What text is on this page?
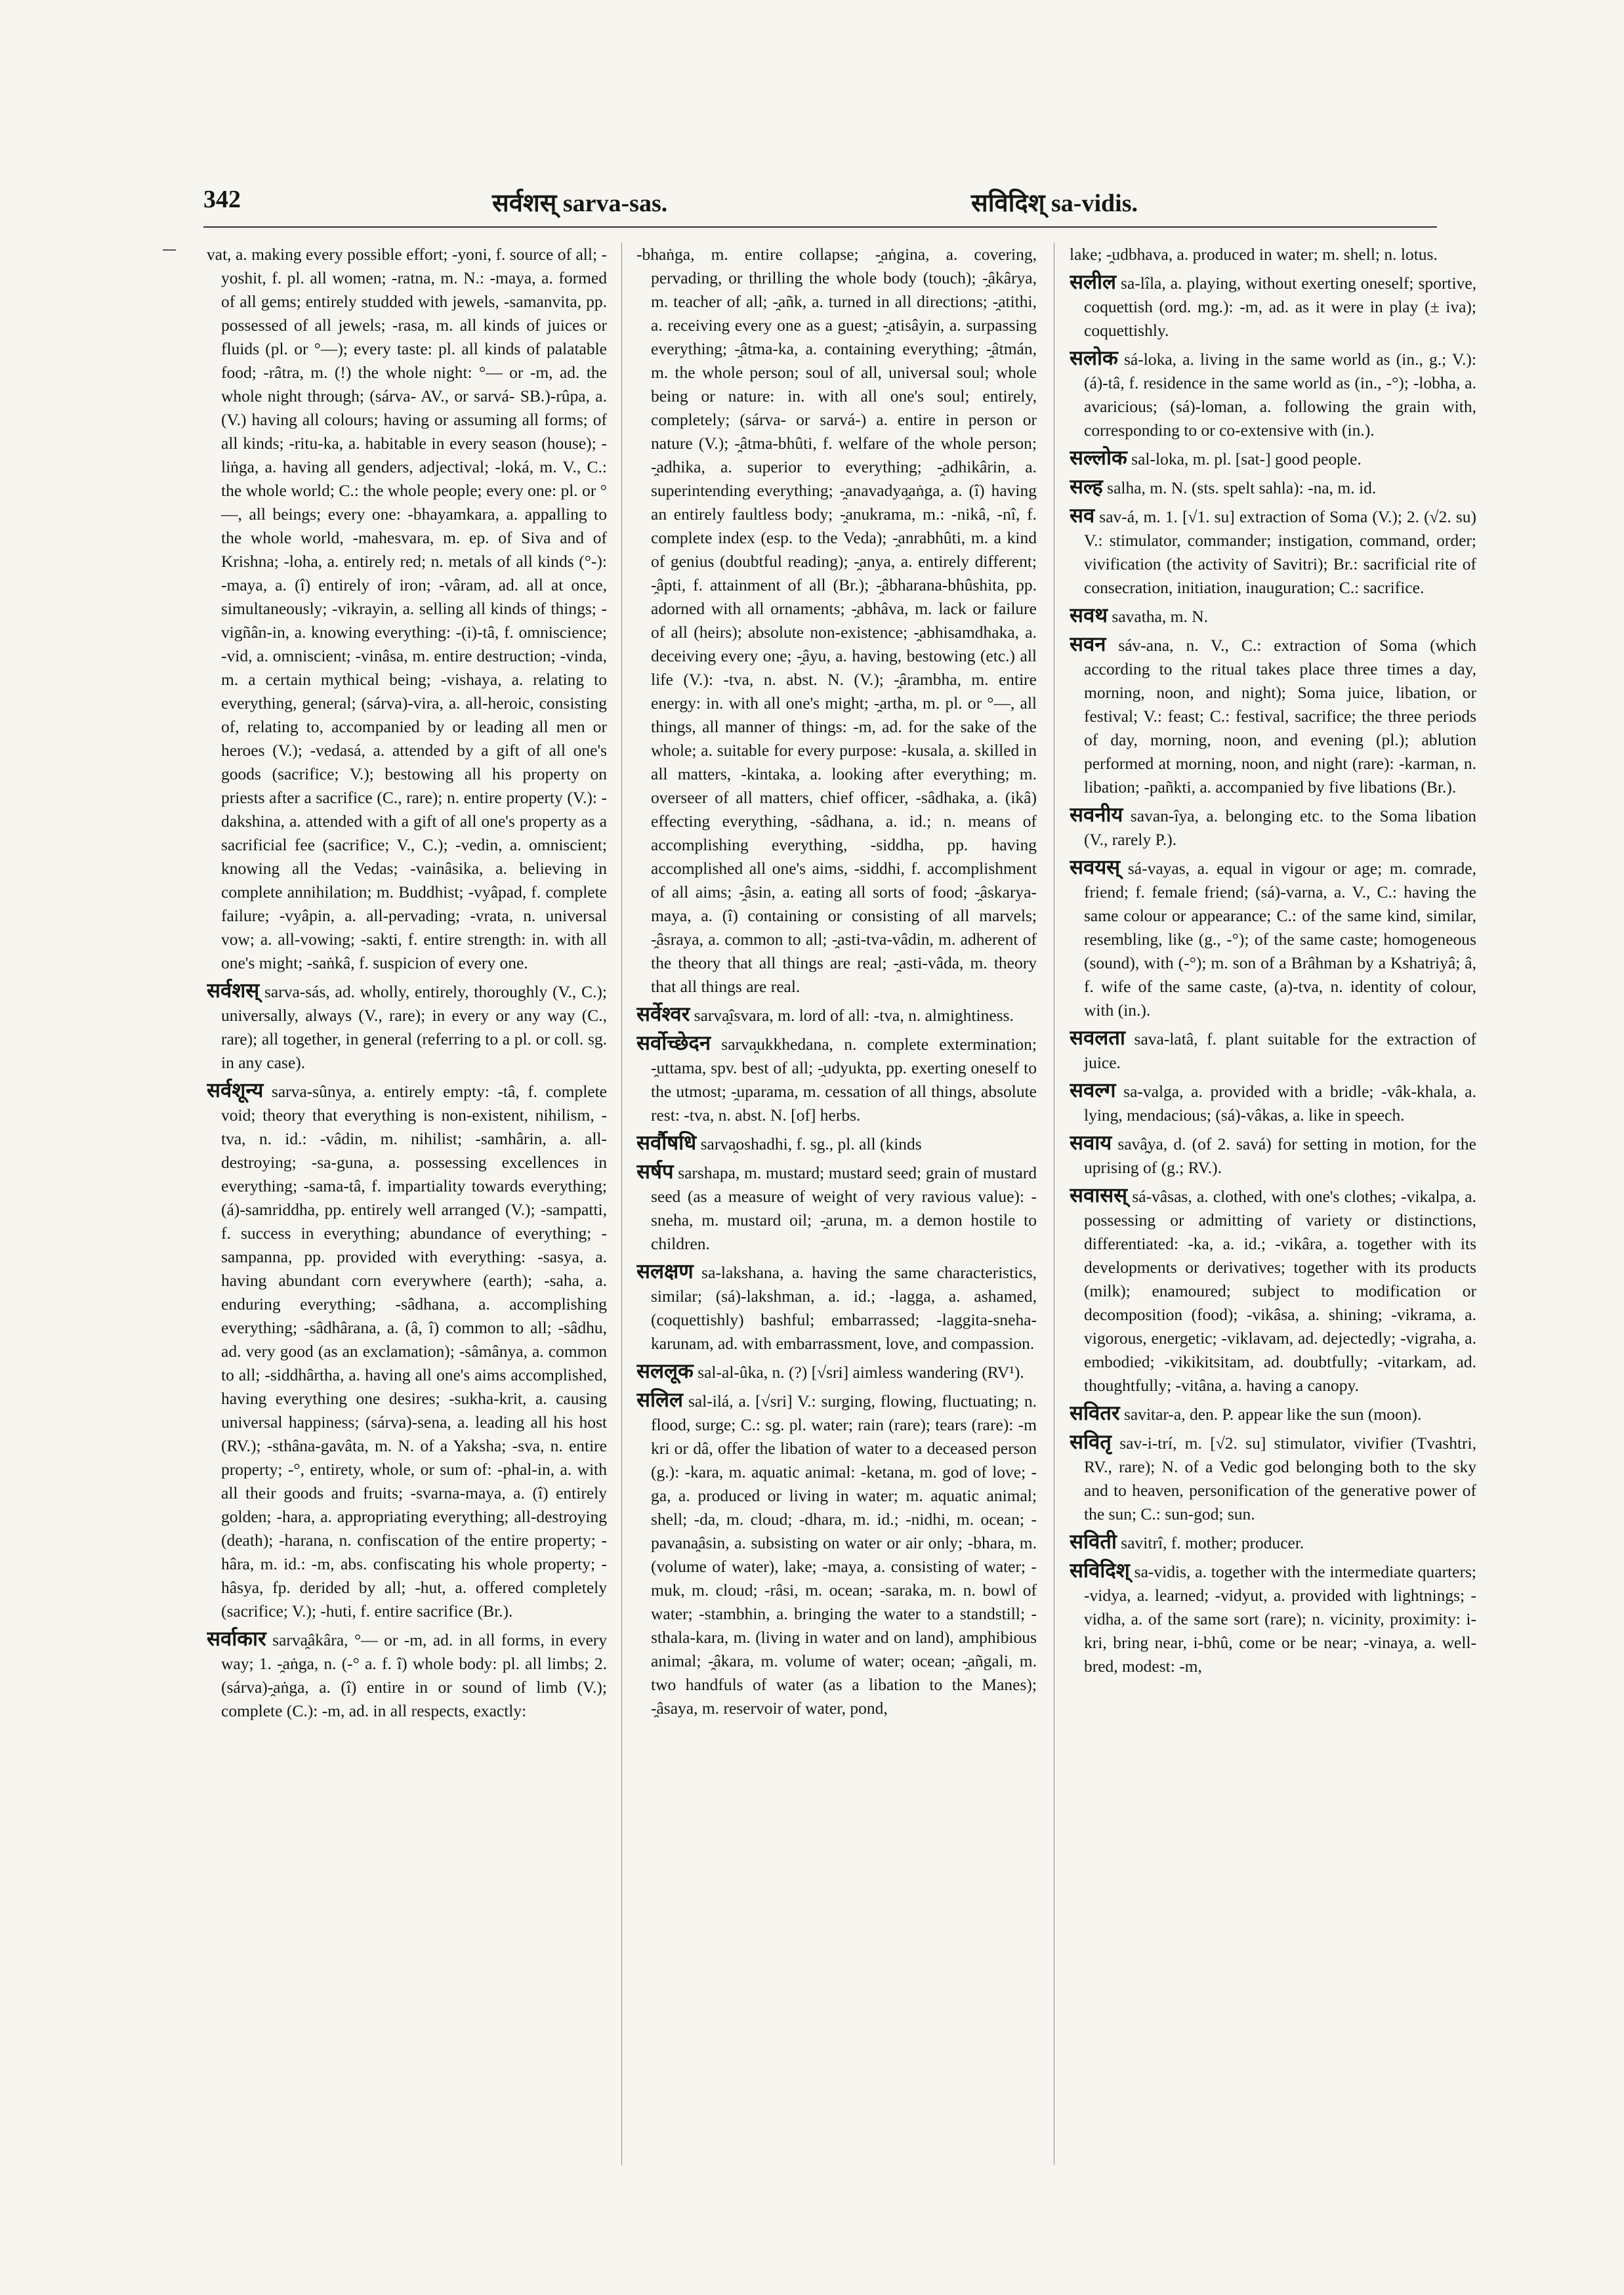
342	सर्वशस् sarva-sas.	सविदिश् sa-vidis.

vat, a. making every possible effort; -yoni, f. source of all; -yoshit, f. pl. all women; -ratna, m. N.: -maya, a. formed of all gems; entirely studded with jewels, -samanvita, pp. possessed of all jewels; -rasa, m. all kinds of juices or fluids (pl. or °—); every taste: pl. all kinds of palatable food; -râtra, m. (!) the whole night: °— or -m, ad. the whole night through; (sárva- AV., or sarvá- SB.)-rûpa, a. (V.) having all colours; having or assuming all forms; of all kinds; -ritu-ka, a. habitable in every season (house); -liṅga, a. having all genders, adjectival; -loká, m. V., C.: the whole world; C.: the whole people; every one: pl. or °—, all beings; every one: -bhayamkara, a. appalling to the whole world, -mahesvara, m. ep. of Siva and of Krishna; -loha, a. entirely red; n. metals of all kinds (°-): -maya, a. (î) entirely of iron; -vâram, ad. all at once, simultaneously; -vikrayin, a. selling all kinds of things; -vigñân-in, a. knowing everything: -(i)-tâ, f. omniscience; -vid, a. omniscient; -vinâsa, m. entire destruction; -vinda, m. a certain mythical being; -vishaya, a. relating to everything, general; (sárva)-vira, a. all-heroic, consisting of, relating to, accompanied by or leading all men or heroes (V.); -vedasá, a. attended by a gift of all one's goods (sacrifice; V.); bestowing all his property on priests after a sacrifice (C., rare); n. entire property (V.): -dakshina, a. attended with a gift of all one's property as a sacrificial fee (sacrifice; V., C.); -vedin, a. omniscient; knowing all the Vedas; -vainâsika, a. believing in complete annihilation; m. Buddhist; -vyâpad, f. complete failure; -vyâpin, a. all-pervading; -vrata, n. universal vow; a. all-vowing; -sakti, f. entire strength: in. with all one's might; -saṅkâ, f. suspicion of every one.

सर्वशस् sarva-sás, ad. wholly, entirely, thoroughly (V., C.); universally, always (V., rare); in every or any way (C., rare); all together, in general (referring to a pl. or coll. sg. in any case).

सर्वशून्य sarva-sûnya, a. entirely empty: -tâ, f. complete void; theory that everything is non-existent, nihilism, -tva, n. id.: -vâdin, m. nihilist; -samhârin, a. all-destroying; -sa-guna, a. possessing excellences in everything; -sama-tâ, f. impartiality towards everything; (á)-samriddha, pp. entirely well arranged (V.); -sampatti, f. success in everything; abundance of everything; -sampanna, pp. provided with everything: -sasya, a. having abundant corn everywhere (earth); -saha, a. enduring everything; -sâdhana, a. accomplishing everything; -sâdhârana, a. (â, î) common to all; -sâdhu, ad. very good (as an exclamation); -sâmânya, a. common to all; -siddhârtha, a. having all one's aims accomplished, having everything one desires; -sukha-krit, a. causing universal happiness; (sárva)-sena, a. leading all his host (RV.); -sthâna-gavâta, m. N. of a Yaksha; -sva, n. entire property; -°, entirety, whole, or sum of: -phal-in, a. with all their goods and fruits; -svarna-maya, a. (î) entirely golden; -hara, a. appropriating everything; all-destroying (death); -harana, n. confiscation of the entire property; -hâra, m. id.: -m, abs. confiscating his whole property; -hâsya, fp. derided by all; -hut, a. offered completely (sacrifice; V.); -huti, f. entire sacrifice (Br.).

सर्वाकार sarva̯âkâra, °— or -m, ad. in all forms, in every way; 1. -̯aṅga, n. (-° a. f. î) whole body: pl. all limbs; 2. (sárva)-̯aṅga, a. (î) entire in or sound of limb (V.); complete (C.): -m, ad. in all respects, exactly:

-bhaṅga, m. entire collapse; -̯aṅgina, a. covering, pervading, or thrilling the whole body (touch); -̯âkârya, m. teacher of all; -̯añk, a. turned in all directions; -̯atithi, a. receiving every one as a guest; -̯atisâyin, a. surpassing everything; -̯âtma-ka, a. containing everything; -̯âtmán, m. the whole person; soul of all, universal soul; whole being or nature: in. with all one's soul; entirely, completely; (sárva- or sarvá-) a. entire in person or nature (V.); -̯âtma-bhûti, f. welfare of the whole person; -̯adhika, a. superior to everything; -̯adhikârin, a. superintending everything; -̯anavadya̯aṅga, a. (î) having an entirely faultless body; -̯anukrama, m.: -nikâ, -nî, f. complete index (esp. to the Veda); -̯anrabhûti, m. a kind of genius (doubtful reading); -̯anya, a. entirely different; -̯âpti, f. attainment of all (Br.); -̯âbharana-bhûshita, pp. adorned with all ornaments; -̯abhâva, m. lack or failure of all (heirs); absolute non-existence; -̯abhisamdhaka, a. deceiving every one; -̯âyu, a. having, bestowing (etc.) all life (V.): -tva, n. abst. N. (V.); -̯ârambha, m. entire energy: in. with all one's might; -̯artha, m. pl. or °—, all things, all manner of things: -m, ad. for the sake of the whole; a. suitable for every purpose: -kusala, a. skilled in all matters, -kintaka, a. looking after everything; m. overseer of all matters, chief officer, -sâdhaka, a. (ikâ) effecting everything, -sâdhana, a. id.; n. means of accomplishing everything, -siddha, pp. having accomplished all one's aims, -siddhi, f. accomplishment of all aims; -̯âsin, a. eating all sorts of food; -̯âskarya-maya, a. (î) containing or consisting of all marvels; -̯âsraya, a. common to all; -̯asti-tva-vâdin, m. adherent of the theory that all things are real; -̯asti-vâda, m. theory that all things are real.

सर्वेश्वर sarva̯îsvara, m. lord of all: -tva, n. almightiness.

सर्वोच्छेदन sarva̯ukkhedana, n. complete extermination; -̯uttama, spv. best of all; -̯udyukta, pp. exerting oneself to the utmost; -̯uparama, m. cessation of all things, absolute rest: -tva, n. abst. N. [of] herbs.

सर्वौषधि sarva̯oshadhi, f. sg., pl. all (kinds

सर्षप sarshapa, m. mustard; mustard seed; grain of mustard seed (as a measure of weight of very ravious value): -sneha, m. mustard oil; -̯aruna, m. a demon hostile to children.

सलक्षण sa-lakshana, a. having the same characteristics, similar; (sá)-lakshman, a. id.; -lagga, a. ashamed, (coquettishly) bashful; embarrassed; -laggita-sneha-karunam, ad. with embarrassment, love, and compassion.

सललूक sal-al-ûka, n. (?) [√sri] aimless wandering (RV¹).

सलिल sal-ilá, a. [√sri] V.: surging, flowing, fluctuating; n. flood, surge; C.: sg. pl. water; rain (rare); tears (rare): -m kri or dâ, offer the libation of water to a deceased person (g.): -kara, m. aquatic animal: -ketana, m. god of love; -ga, a. produced or living in water; m. aquatic animal; shell; -da, m. cloud; -dhara, m. id.; -nidhi, m. ocean; -pavana̯âsin, a. subsisting on water or air only; -bhara, m. (volume of water), lake; -maya, a. consisting of water; -muk, m. cloud; -râsi, m. ocean; -saraka, m. n. bowl of water; -stambhin, a. bringing the water to a standstill; -sthala-kara, m. (living in water and on land), amphibious animal; -̯âkara, m. volume of water; ocean; -̯añgali, m. two handfuls of water (as a libation to the Manes); -̯âsaya, m. reservoir of water, pond,

lake; -̯udbhava, a. produced in water; m. shell; n. lotus.

सलील sa-lîla, a. playing, without exerting oneself; sportive, coquettish (ord. mg.): -m, ad. as it were in play (± iva); coquettishly.

सलोक sá-loka, a. living in the same world as (in., g.; V.): (á)-tâ, f. residence in the same world as (in., -°); -lobha, a. avaricious; (sá)-loman, a. following the grain with, corresponding to or co-extensive with (in.).

सल्लोक sal-loka, m. pl. [sat-] good people.

सल्ह salha, m. N. (sts. spelt sahla): -na, m. id.

सव sav-á, m. 1. [√1. su] extraction of Soma (V.); 2. (√2. su) V.: stimulator, commander; instigation, command, order; vivification (the activity of Savitri); Br.: sacrificial rite of consecration, initiation, inauguration; C.: sacrifice.

सवथ savatha, m. N.

सवन sáv-ana, n. V., C.: extraction of Soma (which according to the ritual takes place three times a day, morning, noon, and night); Soma juice, libation, or festival; V.: feast; C.: festival, sacrifice; the three periods of day, morning, noon, and evening (pl.); ablution performed at morning, noon, and night (rare): -karman, n. libation; -pañkti, a. accompanied by five libations (Br.).

सवनीय savan-îya, a. belonging etc. to the Soma libation (V., rarely P.).

सवयस् sá-vayas, a. equal in vigour or age; m. comrade, friend; f. female friend; (sá)-varna, a. V., C.: having the same colour or appearance; C.: of the same kind, similar, resembling, like (g., -°); of the same caste; homogeneous (sound), with (-°); m. son of a Brâhman by a Kshatriyâ; â, f. wife of the same caste, (a)-tva, n. identity of colour, with (in.).

सवलता sava-latâ, f. plant suitable for the extraction of juice.

सवल्ग sa-valga, a. provided with a bridle; -vâk-khala, a. lying, mendacious; (sá)-vâkas, a. like in speech.

सवाय savâ̯ya, d. (of 2. savá) for setting in motion, for the uprising of (g.; RV.).

सवासस् sá-vâsas, a. clothed, with one's clothes; -vikalpa, a. possessing or admitting of variety or distinctions, differentiated: -ka, a. id.; -vikâra, a. together with its developments or derivatives; together with its products (milk); enamoured; subject to modification or decomposition (food); -vikâsa, a. shining; -vikrama, a. vigorous, energetic; -viklavam, ad. dejectedly; -vigraha, a. embodied; -vikikitsitam, ad. doubtfully; -vitarkam, ad. thoughtfully; -vitâna, a. having a canopy.

सवितर savitar-a, den. P. appear like the sun (moon).

सवितृ sav-i-trí, m. [√2. su] stimulator, vivifier (Tvashtri, RV., rare); N. of a Vedic god belonging both to the sky and to heaven, personification of the generative power of the sun; C.: sun-god; sun.

सविती savitrî, f. mother; producer.

सविदिश् sa-vidis, a. together with the intermediate quarters; -vidya, a. learned; -vidyut, a. provided with lightnings; -vidha, a. of the same sort (rare); n. vicinity, proximity: i-kri, bring near, i-bhû, come or be near; -vinaya, a. well-bred, modest: -m,
